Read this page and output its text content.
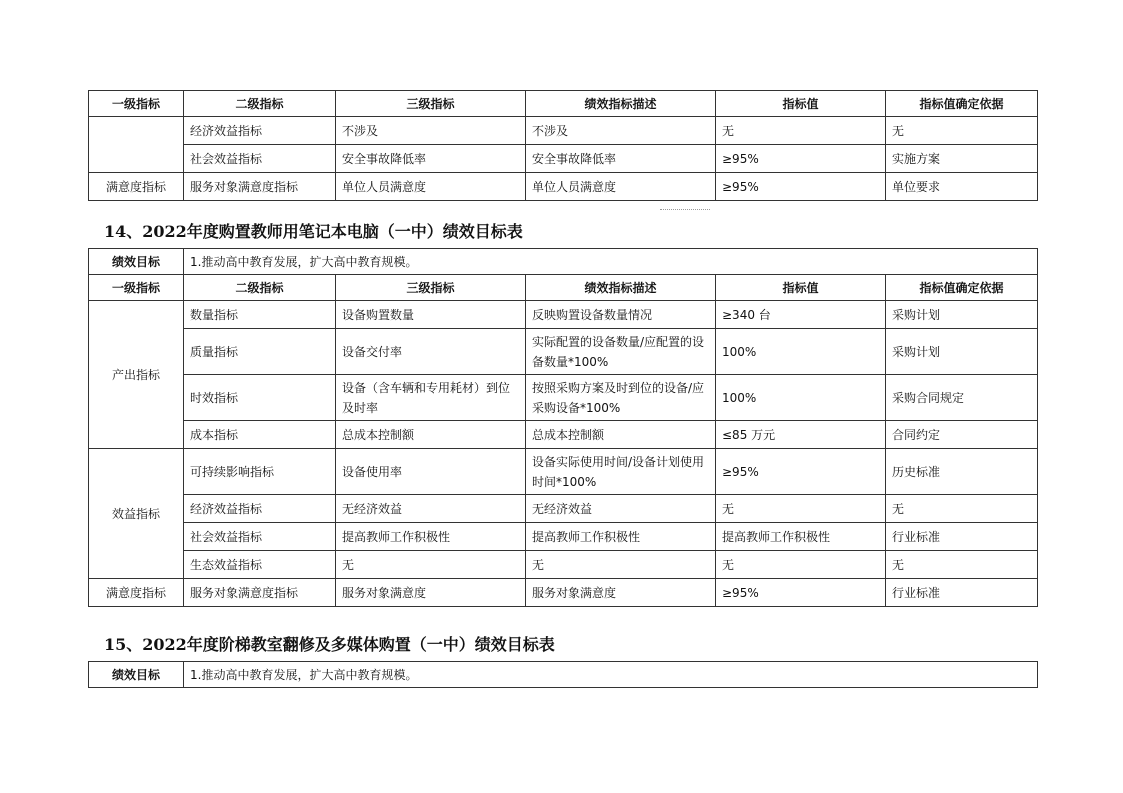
一级指标	二级指标	三级指标	绩效指标描述	指标值	指标值确定依据
	经济效益指标	不涉及	不涉及	无	无
	社会效益指标	安全事故降低率	安全事故降低率	≥95%	实施方案
满意度指标	服务对象满意度指标	单位人员满意度	单位人员满意度	≥95%	单位要求
14、2022年度购置教师用笔记本电脑（一中）绩效目标表
绩效目标	1.推动高中教育发展，扩大高中教育规模。				
一级指标	二级指标	三级指标	绩效指标描述	指标值	指标值确定依据
产出指标	数量指标	设备购置数量	反映购置设备数量情况	≥340 台	采购计划
	质量指标	设备交付率	实际配置的设备数量/应配置的设备数量*100%	100%	采购计划
	时效指标	设备（含车辆和专用耗材）到位及时率	按照采购方案及时到位的设备/应采购设备*100%	100%	采购合同规定
	成本指标	总成本控制额	总成本控制额	≤85 万元	合同约定
效益指标	可持续影响指标	设备使用率	设备实际使用时间/设备计划使用时间*100%	≥95%	历史标准
	经济效益指标	无经济效益	无经济效益	无	无
	社会效益指标	提高教师工作积极性	提高教师工作积极性	提高教师工作积极性	行业标准
	生态效益指标	无	无	无	无
满意度指标	服务对象满意度指标	服务对象满意度	服务对象满意度	≥95%	行业标准
15、2022年度阶梯教室翻修及多媒体购置（一中）绩效目标表
绩效目标	1.推动高中教育发展，扩大高中教育规模。
